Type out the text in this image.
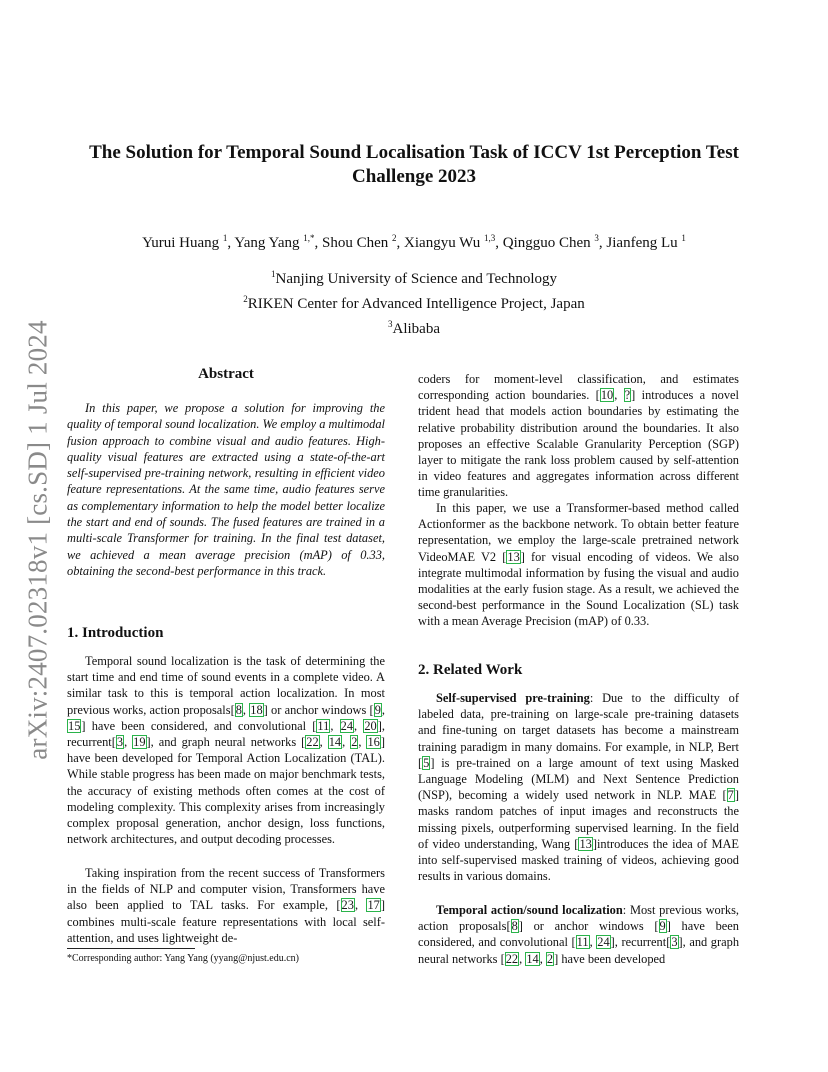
arXiv:2407.02318v1 [cs.SD] 1 Jul 2024
The Solution for Temporal Sound Localisation Task of ICCV 1st Perception Test
Challenge 2023
Yurui Huang $^1$, Yang Yang $^{1,*}$, Shou Chen $^2$, Xiangyu Wu $^{1,3}$, Qingguo Chen $^3$, Jianfeng Lu $^1$
$^1$Nanjing University of Science and Technology
$^2$RIKEN Center for Advanced Intelligence Project, Japan
$^3$Alibaba
Abstract

In this paper, we propose a solution for improving the quality of temporal sound localization. We employ a multimodal fusion approach to combine visual and audio features. High-quality visual features are extracted using a state-of-the-art self-supervised pre-training network, resulting in efficient video feature representations. At the same time, audio features serve as complementary information to help the model better localize the start and end of sounds. The fused features are trained in a multi-scale Transformer for training. In the final test dataset, we achieved a mean average precision (mAP) of 0.33, obtaining the second-best performance in this track.

1. Introduction

Temporal sound localization is the task of determining the start time and end time of sound events in a complete video. A similar task to this is temporal action localization. In most previous works, action proposals[8, 18] or anchor windows [9, 15] have been considered, and convolutional [11, 24, 20], recurrent[3, 19], and graph neural networks [22, 14, 2, 16] have been developed for Temporal Action Localization (TAL). While stable progress has been made on major benchmark tests, the accuracy of existing methods often comes at the cost of modeling complexity. This complexity arises from increasingly complex proposal generation, anchor design, loss functions, network architectures, and output decoding processes.

Taking inspiration from the recent success of Transformers in the fields of NLP and computer vision, Transformers have also been applied to TAL tasks. For example, [23, 17] combines multi-scale feature representations with local self-attention, and uses lightweight de-

coders for moment-level classification, and estimates corresponding action boundaries. [10, ?] introduces a novel trident head that models action boundaries by estimating the relative probability distribution around the boundaries. It also proposes an effective Scalable Granularity Perception (SGP) layer to mitigate the rank loss problem caused by self-attention in video features and aggregates information across different time granularities.

In this paper, we use a Transformer-based method called Actionformer as the backbone network. To obtain better feature representation, we employ the large-scale pretrained network VideoMAE V2 [13] for visual encoding of videos. We also integrate multimodal information by fusing the visual and audio modalities at the early fusion stage. As a result, we achieved the second-best performance in the Sound Localization (SL) task with a mean Average Precision (mAP) of 0.33.

2. Related Work

Self-supervised pre-training: Due to the difficulty of labeled data, pre-training on large-scale pre-training datasets and fine-tuning on target datasets has become a mainstream training paradigm in many domains. For example, in NLP, Bert [5] is pre-trained on a large amount of text using Masked Language Modeling (MLM) and Next Sentence Prediction (NSP), becoming a widely used network in NLP. MAE [7] masks random patches of input images and reconstructs the missing pixels, outperforming supervised learning. In the field of video understanding, Wang [13]introduces the idea of MAE into self-supervised masked training of videos, achieving good results in various domains.

Temporal action/sound localization: Most previous works, action proposals[8] or anchor windows [9] have been considered, and convolutional [11, 24], recurrent[3], and graph neural networks [22, 14, 2] have been developed

*Corresponding author: Yang Yang (yyang@njust.edu.cn)
